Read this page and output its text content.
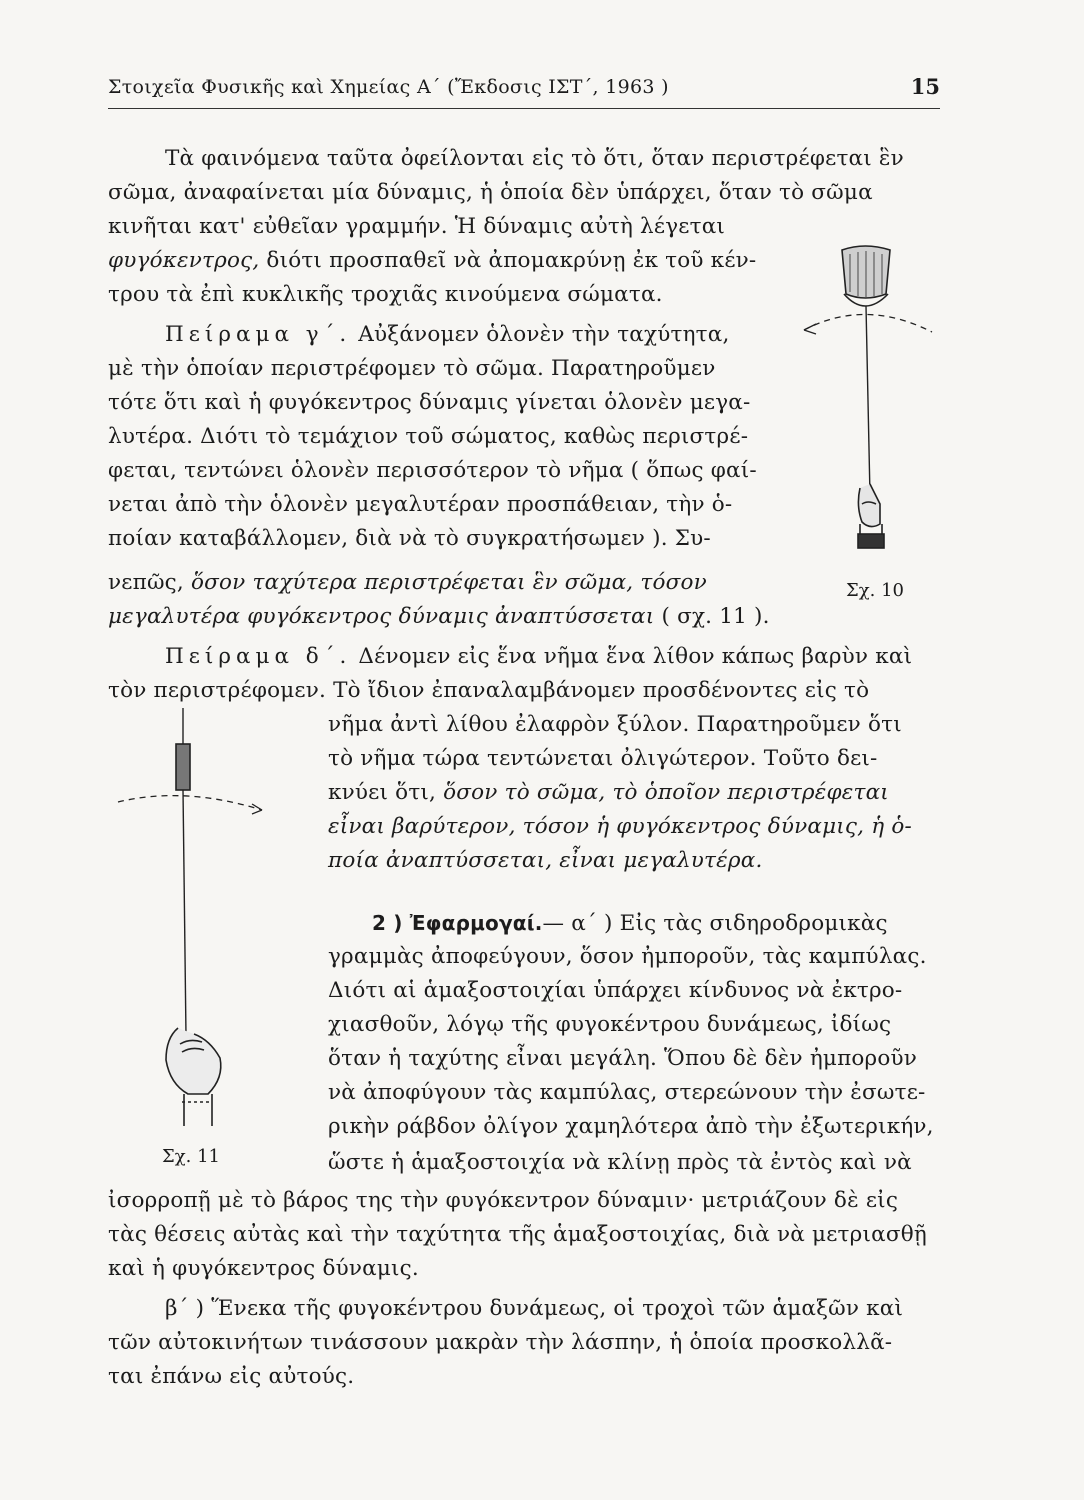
Στοιχεῖα Φυσικῆς καὶ Χημείας Α΄ (Ἔκδοσις ΙΣΤ΄, 1963 )	15
Τὰ φαινόμενα ταῦτα ὀφείλονται εἰς τὸ ὅτι, ὅταν περιστρέφεται ἓν
σῶμα, ἀναφαίνεται μία δύναμις, ἡ ὁποία δὲν ὑπάρχει, ὅταν τὸ σῶμα
κινῆται κατ' εὐθεῖαν γραμμήν. Ἡ δύναμις αὐτὴ λέγεται
φυγόκεντρος, διότι προσπαθεῖ νὰ ἀπομακρύνῃ ἐκ τοῦ κέν-
τρου τὰ ἐπὶ κυκλικῆς τροχιᾶς κινούμενα σώματα.
Πείραμα γ΄. Αὐξάνομεν ὁλονὲν τὴν ταχύτητα,
μὲ τὴν ὁποίαν περιστρέφομεν τὸ σῶμα. Παρατηροῦμεν
τότε ὅτι καὶ ἡ φυγόκεντρος δύναμις γίνεται ὁλονὲν μεγα-
λυτέρα. Διότι τὸ τεμάχιον τοῦ σώματος, καθὼς περιστρέ-
φεται, τεντώνει ὁλονὲν περισσότερον τὸ νῆμα ( ὅπως φαί-
νεται ἀπὸ τὴν ὁλονὲν μεγαλυτέραν προσπάθειαν, τὴν ὁ-
ποίαν καταβάλλομεν, διὰ νὰ τὸ συγκρατήσωμεν ). Συ-
νεπῶς, ὅσον ταχύτερα περιστρέφεται ἓν σῶμα, τόσον
μεγαλυτέρα φυγόκεντρος δύναμις ἀναπτύσσεται ( σχ. 11 ).
Σχ. 10
Πείραμα δ΄. Δένομεν εἰς ἕνα νῆμα ἕνα λίθον κάπως βαρὺν καὶ
τὸν περιστρέφομεν. Τὸ ἴδιον ἐπαναλαμβάνομεν προσδένοντες εἰς τὸ
νῆμα ἀντὶ λίθου ἐλαφρὸν ξύλον. Παρατηροῦμεν ὅτι
τὸ νῆμα τώρα τεντώνεται ὀλιγώτερον. Τοῦτο δει-
κνύει ὅτι, ὅσον τὸ σῶμα, τὸ ὁποῖον περιστρέφεται
εἶναι βαρύτερον, τόσον ἡ φυγόκεντρος δύναμις, ἡ ὁ-
ποία ἀναπτύσσεται, εἶναι μεγαλυτέρα.
Σχ. 11
2 ) Ἐφαρμογαί.— α΄ ) Εἰς τὰς σιδηροδρομικὰς
γραμμὰς ἀποφεύγουν, ὅσον ἠμποροῦν, τὰς καμπύλας.
Διότι αἱ ἁμαξοστοιχίαι ὑπάρχει κίνδυνος νὰ ἐκτρο-
χιασθοῦν, λόγῳ τῆς φυγοκέντρου δυνάμεως, ἰδίως
ὅταν ἡ ταχύτης εἶναι μεγάλη. Ὅπου δὲ δὲν ἠμποροῦν
νὰ ἀποφύγουν τὰς καμπύλας, στερεώνουν τὴν ἐσωτε-
ρικὴν ράβδον ὀλίγον χαμηλότερα ἀπὸ τὴν ἐξωτερικήν,
ὥστε ἡ ἁμαξοστοιχία νὰ κλίνῃ πρὸς τὰ ἐντὸς καὶ νὰ
ἰσορροπῇ μὲ τὸ βάρος της τὴν φυγόκεντρον δύναμιν· μετριάζουν δὲ εἰς
τὰς θέσεις αὐτὰς καὶ τὴν ταχύτητα τῆς ἁμαξοστοιχίας, διὰ νὰ μετριασθῇ
καὶ ἡ φυγόκεντρος δύναμις.
β΄ ) Ἕνεκα τῆς φυγοκέντρου δυνάμεως, οἱ τροχοὶ τῶν ἁμαξῶν καὶ
τῶν αὐτοκινήτων τινάσσουν μακρὰν τὴν λάσπην, ἡ ὁποία προσκολλᾶ-
ται ἐπάνω εἰς αὐτούς.
